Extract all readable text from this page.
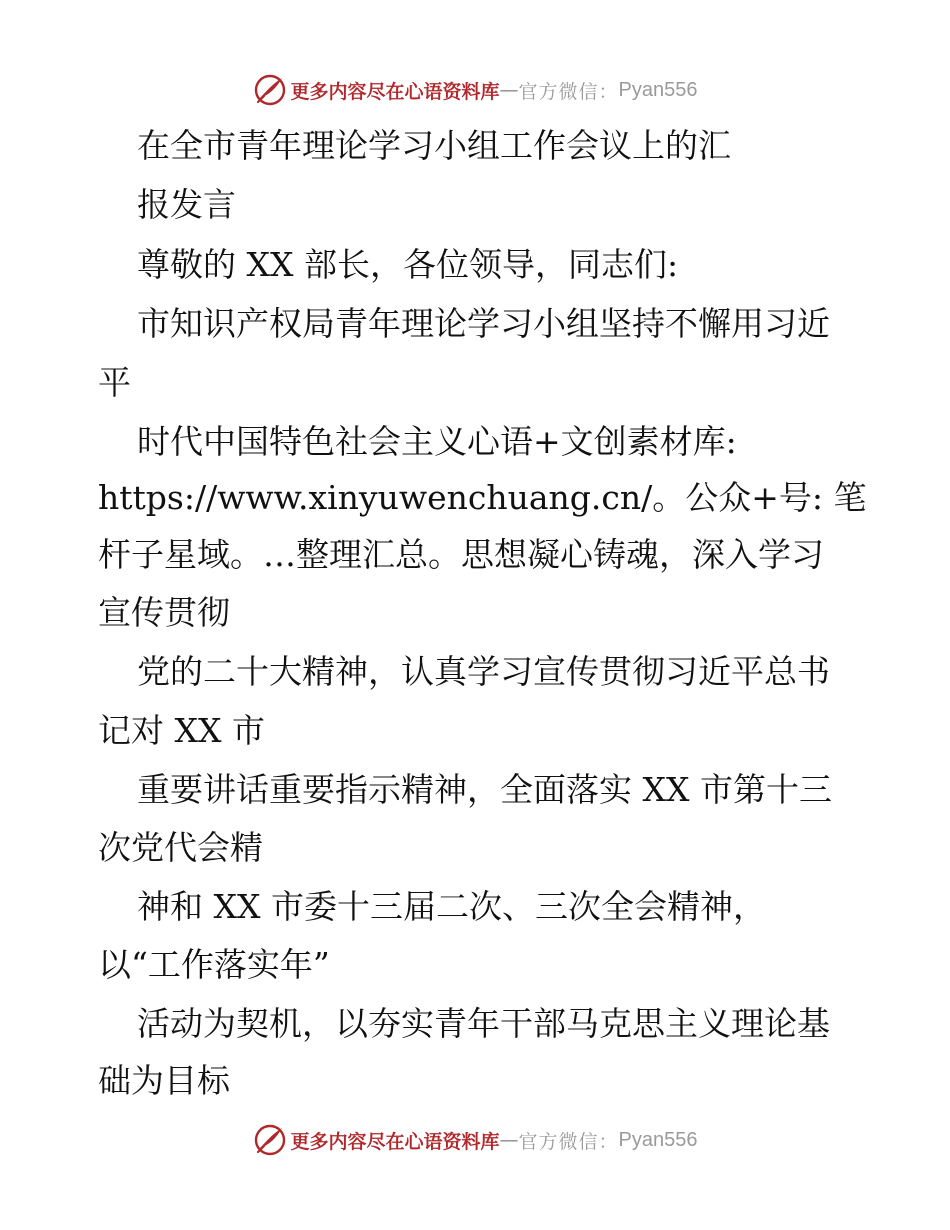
更多内容尽在心语资料库 — 官方微信： Pyan556
在全市青年理论学习小组工作会议上的汇
报发言
尊敬的 XX 部长，各位领导，同志们:
市知识产权局青年理论学习小组坚持不懈用习近
平
时代中国特色社会主义心语+文创素材库:
https://www.xinyuwenchuang.cn/。公众+号: 笔
杆子星域。…整理汇总。思想凝心铸魂，深入学习
宣传贯彻
党的二十大精神，认真学习宣传贯彻习近平总书
记对 XX 市
重要讲话重要指示精神，全面落实 XX 市第十三
次党代会精
神和 XX 市委十三届二次、三次全会精神，
以“工作落实年”
活动为契机，以夯实青年干部马克思主义理论基
础为目标
更多内容尽在心语资料库 — 官方微信： Pyan556
